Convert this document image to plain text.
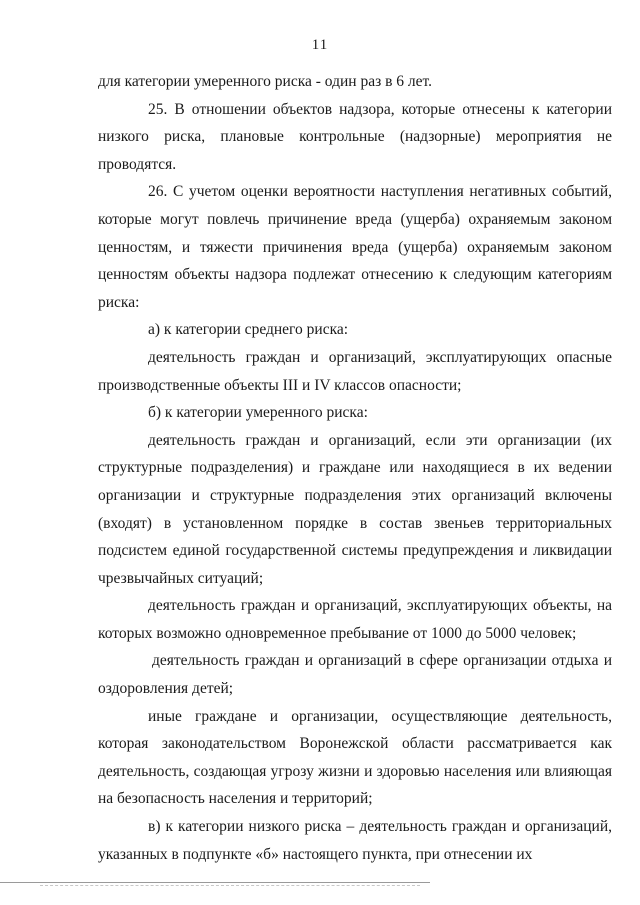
11

для категории умеренного риска - один раз в 6 лет.

25. В отношении объектов надзора, которые отнесены к категории низкого риска, плановые контрольные (надзорные) мероприятия не проводятся.

26. С учетом оценки вероятности наступления негативных событий, которые могут повлечь причинение вреда (ущерба) охраняемым законом ценностям, и тяжести причинения вреда (ущерба) охраняемым законом ценностям объекты надзора подлежат отнесению к следующим категориям риска:

а) к категории среднего риска:

деятельность граждан и организаций, эксплуатирующих опасные производственные объекты III и IV классов опасности;

б) к категории умеренного риска:

деятельность граждан и организаций, если эти организации (их структурные подразделения) и граждане или находящиеся в их ведении организации и структурные подразделения этих организаций включены (входят) в установленном порядке в состав звеньев территориальных подсистем единой государственной системы предупреждения и ликвидации чрезвычайных ситуаций;

деятельность граждан и организаций, эксплуатирующих объекты, на которых возможно одновременное пребывание от 1000 до 5000 человек;

деятельность граждан и организаций в сфере организации отдыха и оздоровления детей;

иные граждане и организации, осуществляющие деятельность, которая законодательством Воронежской области рассматривается как деятельность, создающая угрозу жизни и здоровью населения или влияющая на безопасность населения и территорий;

в) к категории низкого риска – деятельность граждан и организаций, указанных в подпункте «б» настоящего пункта, при отнесении их
